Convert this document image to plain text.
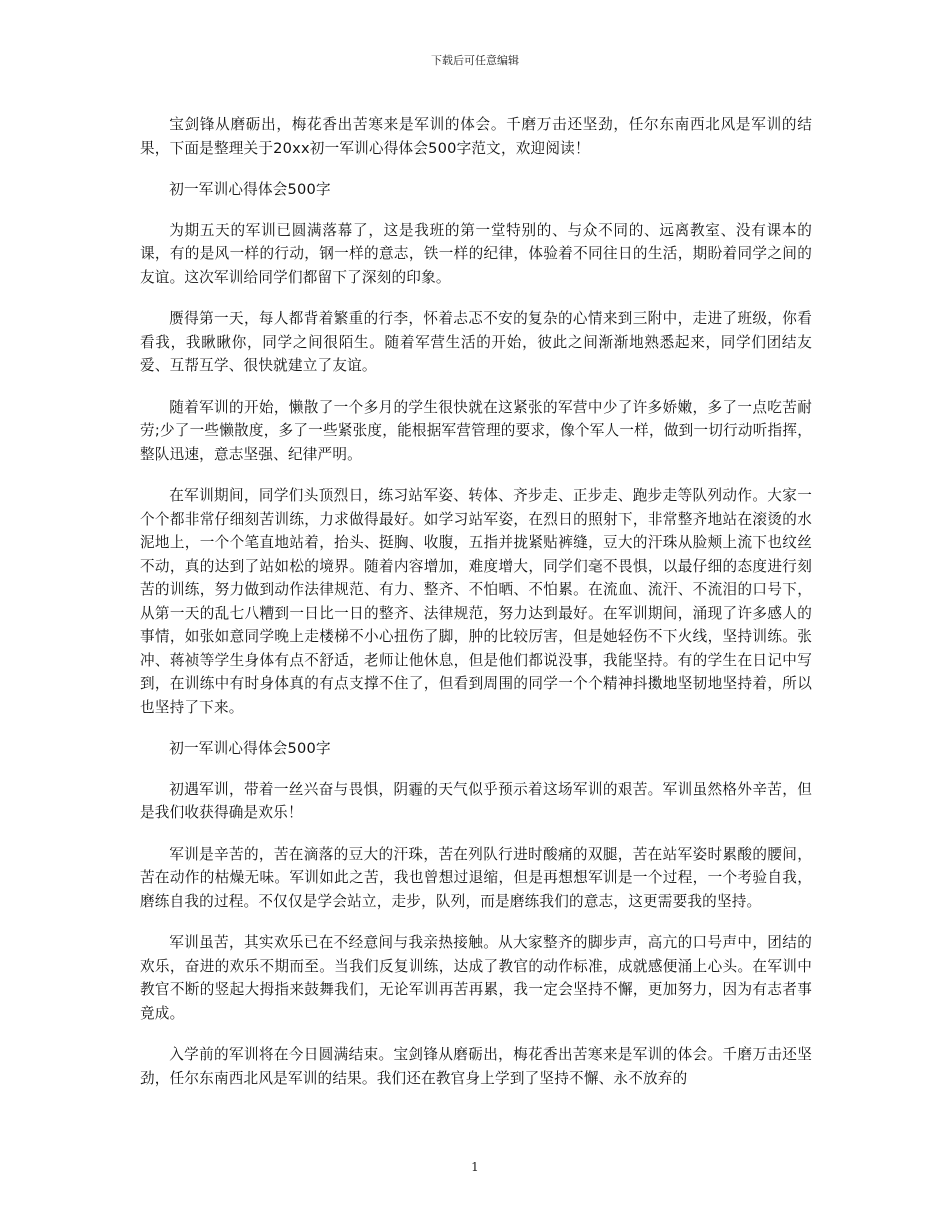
下载后可任意编辑

宝剑锋从磨砺出，梅花香出苦寒来是军训的体会。千磨万击还坚劲，任尔东南西北风是军训的结果，下面是整理关于20xx初一军训心得体会500字范文，欢迎阅读！

初一军训心得体会500字

为期五天的军训已圆满落幕了，这是我班的第一堂特别的、与众不同的、远离教室、没有课本的课，有的是风一样的行动，钢一样的意志，铁一样的纪律，体验着不同往日的生活，期盼着同学之间的友谊。这次军训给同学们都留下了深刻的印象。

赝得第一天，每人都背着繁重的行李，怀着忐忑不安的复杂的心情来到三附中，走进了班级，你看看我，我瞅瞅你，同学之间很陌生。随着军营生活的开始，彼此之间渐渐地熟悉起来，同学们团结友爱、互帮互学、很快就建立了友谊。

随着军训的开始，懒散了一个多月的学生很快就在这紧张的军营中少了许多娇嫩，多了一点吃苦耐劳;少了一些懒散度，多了一些紧张度，能根据军营管理的要求，像个军人一样，做到一切行动听指挥，整队迅速，意志坚强、纪律严明。

在军训期间，同学们头顶烈日，练习站军姿、转体、齐步走、正步走、跑步走等队列动作。大家一个个都非常仔细刻苦训练，力求做得最好。如学习站军姿，在烈日的照射下，非常整齐地站在滚烫的水泥地上，一个个笔直地站着，抬头、挺胸、收腹，五指并拢紧贴裤缝，豆大的汗珠从脸颊上流下也纹丝不动，真的达到了站如松的境界。随着内容增加，难度增大，同学们毫不畏惧，以最仔细的态度进行刻苦的训练，努力做到动作法律规范、有力、整齐、不怕晒、不怕累。在流血、流汗、不流泪的口号下，从第一天的乱七八糟到一日比一日的整齐、法律规范，努力达到最好。在军训期间，涌现了许多感人的事情，如张如意同学晚上走楼梯不小心扭伤了脚，肿的比较厉害，但是她轻伤不下火线，坚持训练。张冲、蒋祯等学生身体有点不舒适，老师让他休息，但是他们都说没事，我能坚持。有的学生在日记中写到，在训练中有时身体真的有点支撑不住了，但看到周围的同学一个个精神抖擞地坚韧地坚持着，所以也坚持了下来。

初一军训心得体会500字

初遇军训，带着一丝兴奋与畏惧，阴霾的天气似乎预示着这场军训的艰苦。军训虽然格外辛苦，但是我们收获得确是欢乐！

军训是辛苦的，苦在滴落的豆大的汗珠，苦在列队行进时酸痛的双腿，苦在站军姿时累酸的腰间，苦在动作的枯燥无味。军训如此之苦，我也曾想过退缩，但是再想想军训是一个过程，一个考验自我，磨练自我的过程。不仅仅是学会站立，走步，队列，而是磨练我们的意志，这更需要我的坚持。

军训虽苦，其实欢乐已在不经意间与我亲热接触。从大家整齐的脚步声，高亢的口号声中，团结的欢乐，奋进的欢乐不期而至。当我们反复训练，达成了教官的动作标准，成就感便涌上心头。在军训中教官不断的竖起大拇指来鼓舞我们，无论军训再苦再累，我一定会坚持不懈，更加努力，因为有志者事竟成。

入学前的军训将在今日圆满结束。宝剑锋从磨砺出，梅花香出苦寒来是军训的体会。千磨万击还坚劲，任尔东南西北风是军训的结果。我们还在教官身上学到了坚持不懈、永不放弃的

1
